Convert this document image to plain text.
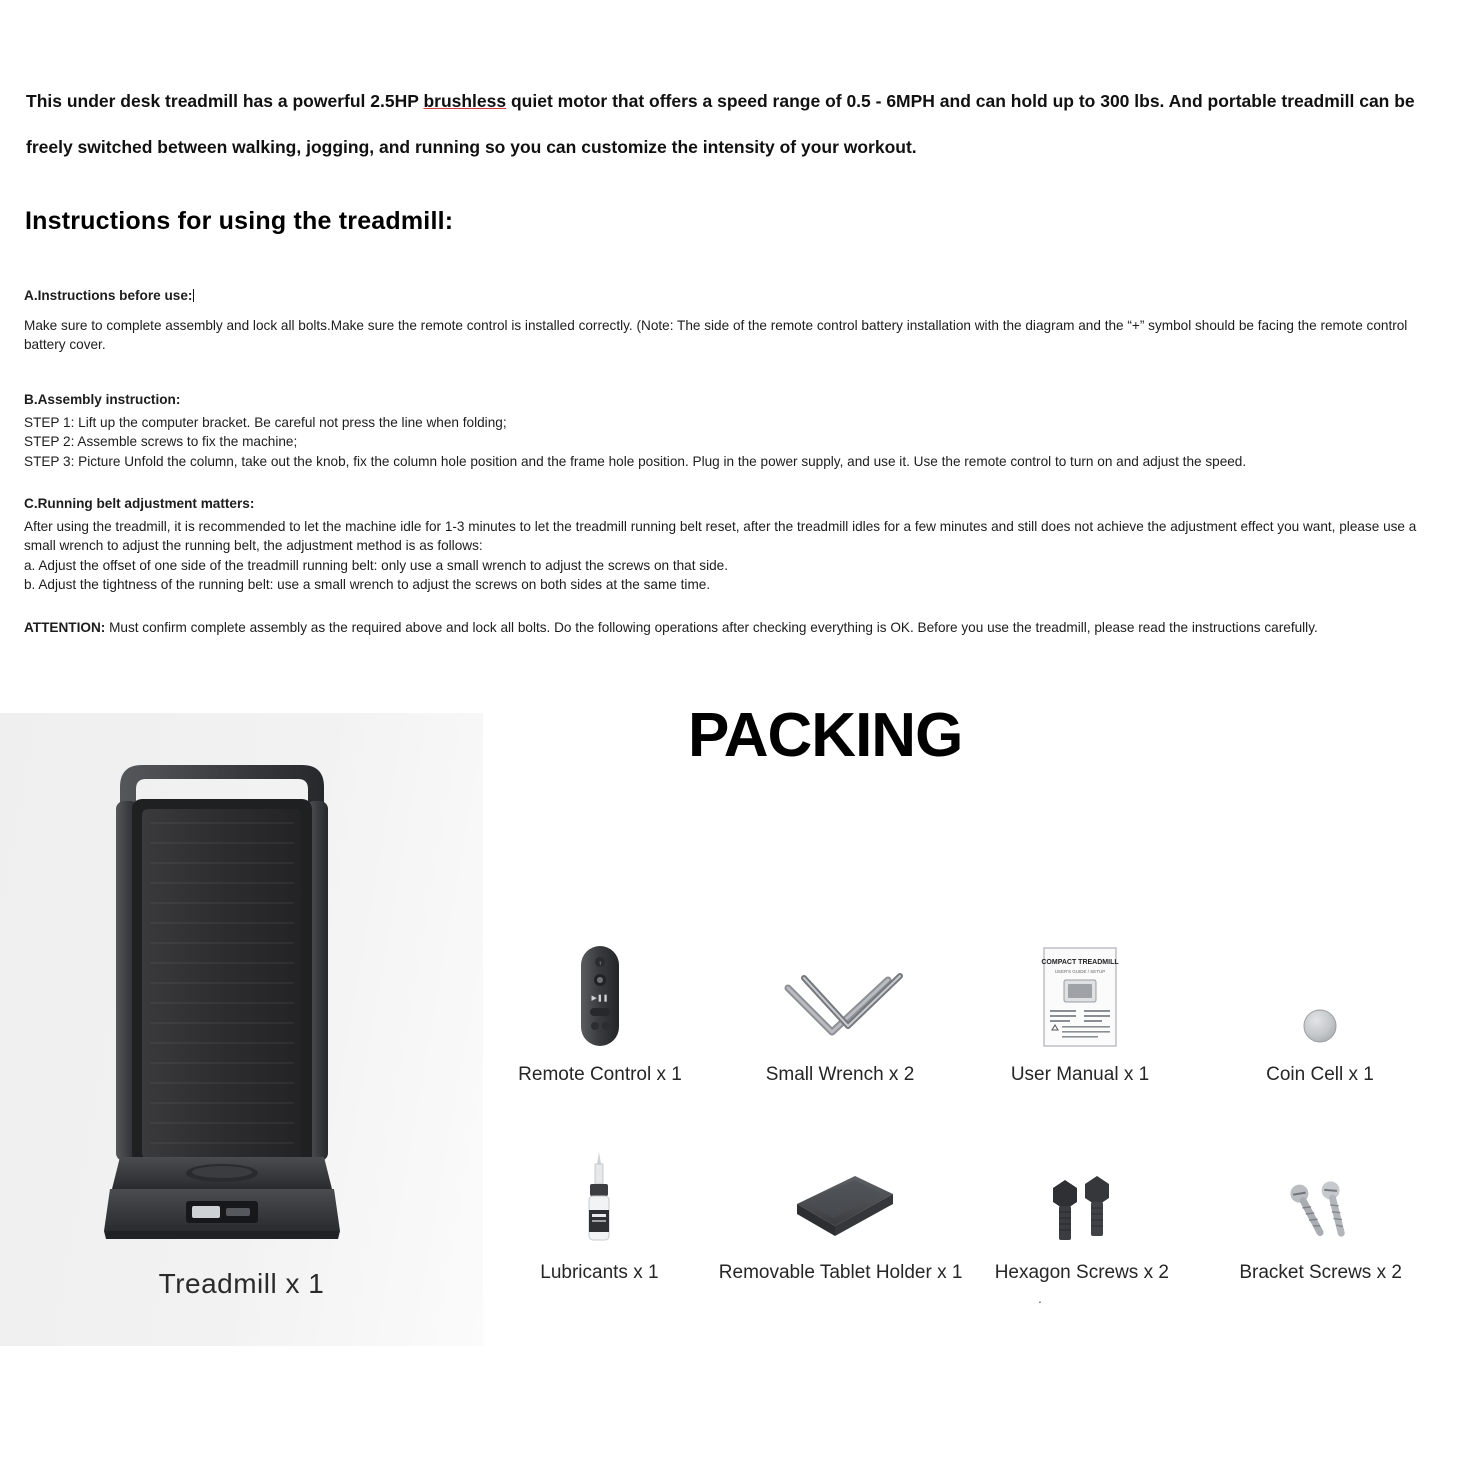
This under desk treadmill has a powerful 2.5HP brushless quiet motor that offers a speed range of 0.5 - 6MPH and can hold up to 300 lbs. And portable treadmill can be freely switched between walking, jogging, and running so you can customize the intensity of your workout.
Instructions for using the treadmill:
A.Instructions before use:

Make sure to complete assembly and lock all bolts.Make sure the remote control is installed correctly. (Note: The side of the remote control battery installation with the diagram and the “+” symbol should be facing the remote control battery cover.

B.Assembly instruction:

STEP 1: Lift up the computer bracket. Be careful not press the line when folding;

STEP 2: Assemble screws to fix the machine;

STEP 3: Picture Unfold the column, take out the knob, fix the column hole position and the frame hole position. Plug in the power supply, and use it. Use the remote control to turn on and adjust the speed.

C.Running belt adjustment matters:

After using the treadmill, it is recommended to let the machine idle for 1-3 minutes to let the treadmill running belt reset, after the treadmill idles for a few minutes and still does not achieve the adjustment effect you want, please use a small wrench to adjust the running belt, the adjustment method is as follows:

a. Adjust the offset of one side of the treadmill running belt: only use a small wrench to adjust the screws on that side.

b. Adjust the tightness of the running belt: use a small wrench to adjust the screws on both sides at the same time.

ATTENTION: Must confirm complete assembly as the required above and lock all bolts. Do the following operations after checking everything is OK. Before you use the treadmill, please read the instructions carefully.

Treadmill x 1
PACKING
↑
▶❚❚
Remote Control x 1	Small Wrench x 2
COMPACT TREADMILL
USER'S GUIDE / SETUP
User Manual x 1	Coin Cell x 1
Lubricants x 1	Removable Tablet Holder x 1 Hexagon Screws x 2	Bracket Screws x 2
.
